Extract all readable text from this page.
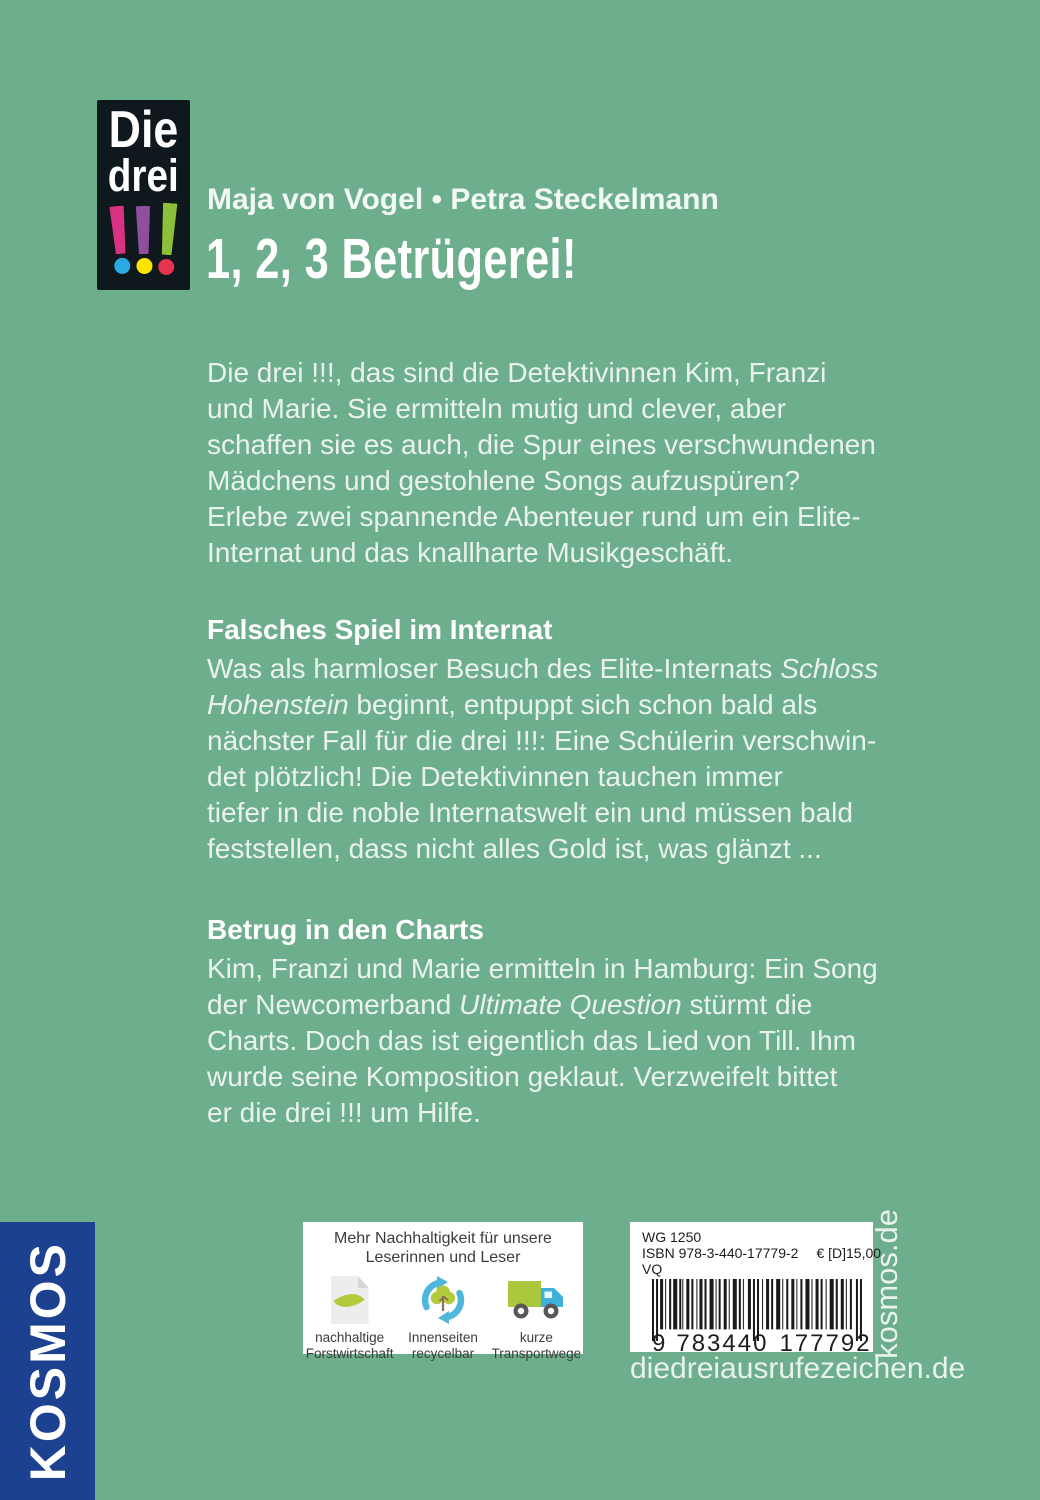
Die
drei Maja von Vogel • Petra Steckelmann
1, 2, 3 Betrügerei!
Die drei !!!, das sind die Detektivinnen Kim, Franzi
und Marie. Sie ermitteln mutig und clever, aber
schaffen sie es auch, die Spur eines verschwundenen
Mädchens und gestohlene Songs aufzuspüren?
Erlebe zwei spannende Abenteuer rund um ein Elite-
Internat und das knallharte Musikgeschäft.
Falsches Spiel im Internat
Was als harmloser Besuch des Elite-Internats Schloss
Hohenstein beginnt, entpuppt sich schon bald als
nächster Fall für die drei !!!: Eine Schülerin verschwin-
det plötzlich! Die Detektivinnen tauchen immer
tiefer in die noble Internatswelt ein und müssen bald
feststellen, dass nicht alles Gold ist, was glänzt ...
Betrug in den Charts
Kim, Franzi und Marie ermitteln in Hamburg: Ein Song
der Newcomerband Ultimate Question stürmt die
Charts. Doch das ist eigentlich das Lied von Till. Ihm
wurde seine Komposition geklaut. Verzweifelt bittet
er die drei !!! um Hilfe.
KOSMOS
Mehr Nachhaltigkeit für unsere
Leserinnen und Leser
nachhaltige
Forstwirtschaft
Innenseiten
recycelbar
kurze
Transportwege
WG 1250
ISBN 978-3-440-17779-2 € [D]15,00
VQ
9 783440 177792
kosmos.de
diedreiausrufezeichen.de
